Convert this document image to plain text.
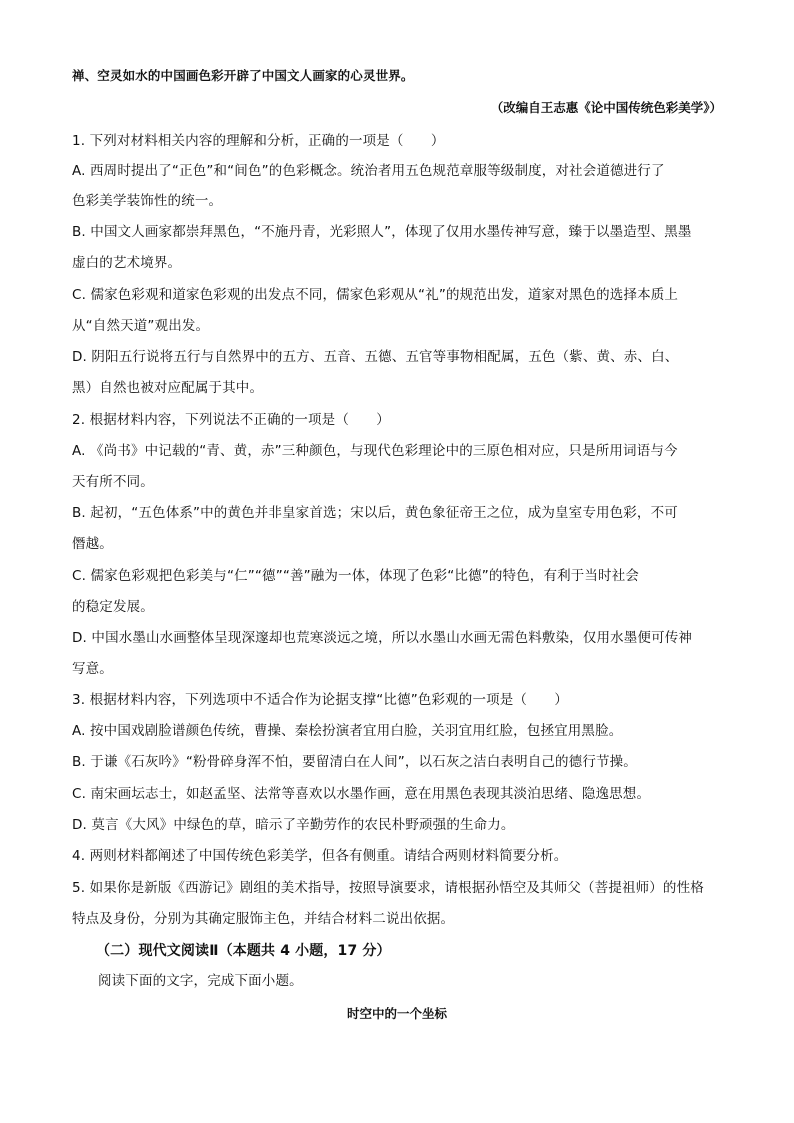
禅、空灵如水的中国画色彩开辟了中国文人画家的心灵世界。
（改编自王志惠《论中国传统色彩美学》）
1. 下列对材料相关内容的理解和分析，正确的一项是（　　）
A. 西周时提出了“正色”和“间色”的色彩概念。统治者用五色规范章服等级制度，对社会道德进行了
色彩美学装饰性的统一。
B. 中国文人画家都崇拜黑色，“不施丹青，光彩照人”，体现了仅用水墨传神写意，臻于以墨造型、黑墨
虚白的艺术境界。
C. 儒家色彩观和道家色彩观的出发点不同，儒家色彩观从“礼”的规范出发，道家对黑色的选择本质上
从“自然天道”观出发。
D. 阴阳五行说将五行与自然界中的五方、五音、五德、五官等事物相配属，五色（紫、黄、赤、白、
黑）自然也被对应配属于其中。
2. 根据材料内容，下列说法不正确的一项是（　　）
A. 《尚书》中记载的“青、黄，赤”三种颜色，与现代色彩理论中的三原色相对应，只是所用词语与今
天有所不同。
B. 起初，“五色体系”中的黄色并非皇家首选；宋以后，黄色象征帝王之位，成为皇室专用色彩，不可
僭越。
C. 儒家色彩观把色彩美与“仁”“德”“善”融为一体，体现了色彩“比德”的特色，有利于当时社会
的稳定发展。
D. 中国水墨山水画整体呈现深邃却也荒寒淡远之境，所以水墨山水画无需色料敷染，仅用水墨便可传神
写意。
3. 根据材料内容，下列选项中不适合作为论据支撑“比德”色彩观的一项是（　　）
A. 按中国戏剧脸谱颜色传统，曹操、秦桧扮演者宜用白脸，关羽宜用红脸，包拯宜用黑脸。
B. 于谦《石灰吟》“粉骨碎身浑不怕，要留清白在人间”，以石灰之洁白表明自己的德行节操。
C. 南宋画坛志士，如赵孟坚、法常等喜欢以水墨作画，意在用黑色表现其淡泊思绪、隐逸思想。
D. 莫言《大风》中绿色的草，暗示了辛勤劳作的农民朴野顽强的生命力。
4. 两则材料都阐述了中国传统色彩美学，但各有侧重。请结合两则材料简要分析。
5. 如果你是新版《西游记》剧组的美术指导，按照导演要求，请根据孙悟空及其师父（菩提祖师）的性格
特点及身份，分别为其确定服饰主色，并结合材料二说出依据。
（二）现代文阅读Ⅱ（本题共 4 小题，17 分）
阅读下面的文字，完成下面小题。
时空中的一个坐标
